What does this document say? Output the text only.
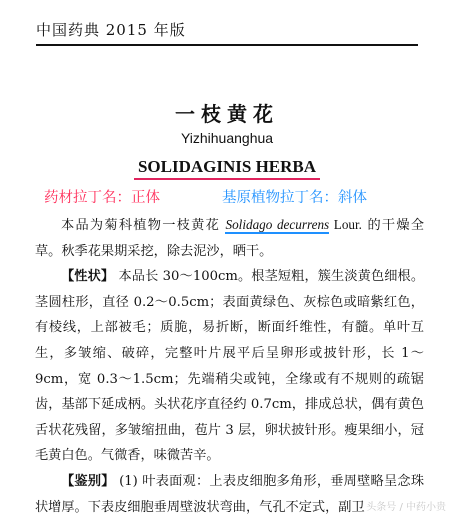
中国药典 2015 年版
一枝黄花
Yizhihuanghua
SOLIDAGINIS HERBA
药材拉丁名：正体	基原植物拉丁名：斜体

本品为菊科植物一枝黄花 Solidago decurrens Lour. 的干燥全草。秋季花果期采挖，除去泥沙，晒干。

【性状】 本品长 30～100cm。根茎短粗，簇生淡黄色细根。茎圆柱形，直径 0.2～0.5cm；表面黄绿色、灰棕色或暗紫红色，有棱线，上部被毛；质脆，易折断，断面纤维性，有髓。单叶互生，多皱缩、破碎，完整叶片展平后呈卵形或披针形，长 1～9cm，宽 0.3～1.5cm；先端稍尖或钝，全缘或有不规则的疏锯齿，基部下延成柄。头状花序直径约 0.7cm，排成总状，偶有黄色舌状花残留，多皱缩扭曲，苞片 3 层，卵状披针形。瘦果细小，冠毛黄白色。气微香，味微苦辛。

【鉴别】 (1) 叶表面观：上表皮细胞多角形，垂周壁略呈念珠状增厚。下表皮细胞垂周壁波状弯曲，气孔不定式，副卫 头条号 / 中药小贵
